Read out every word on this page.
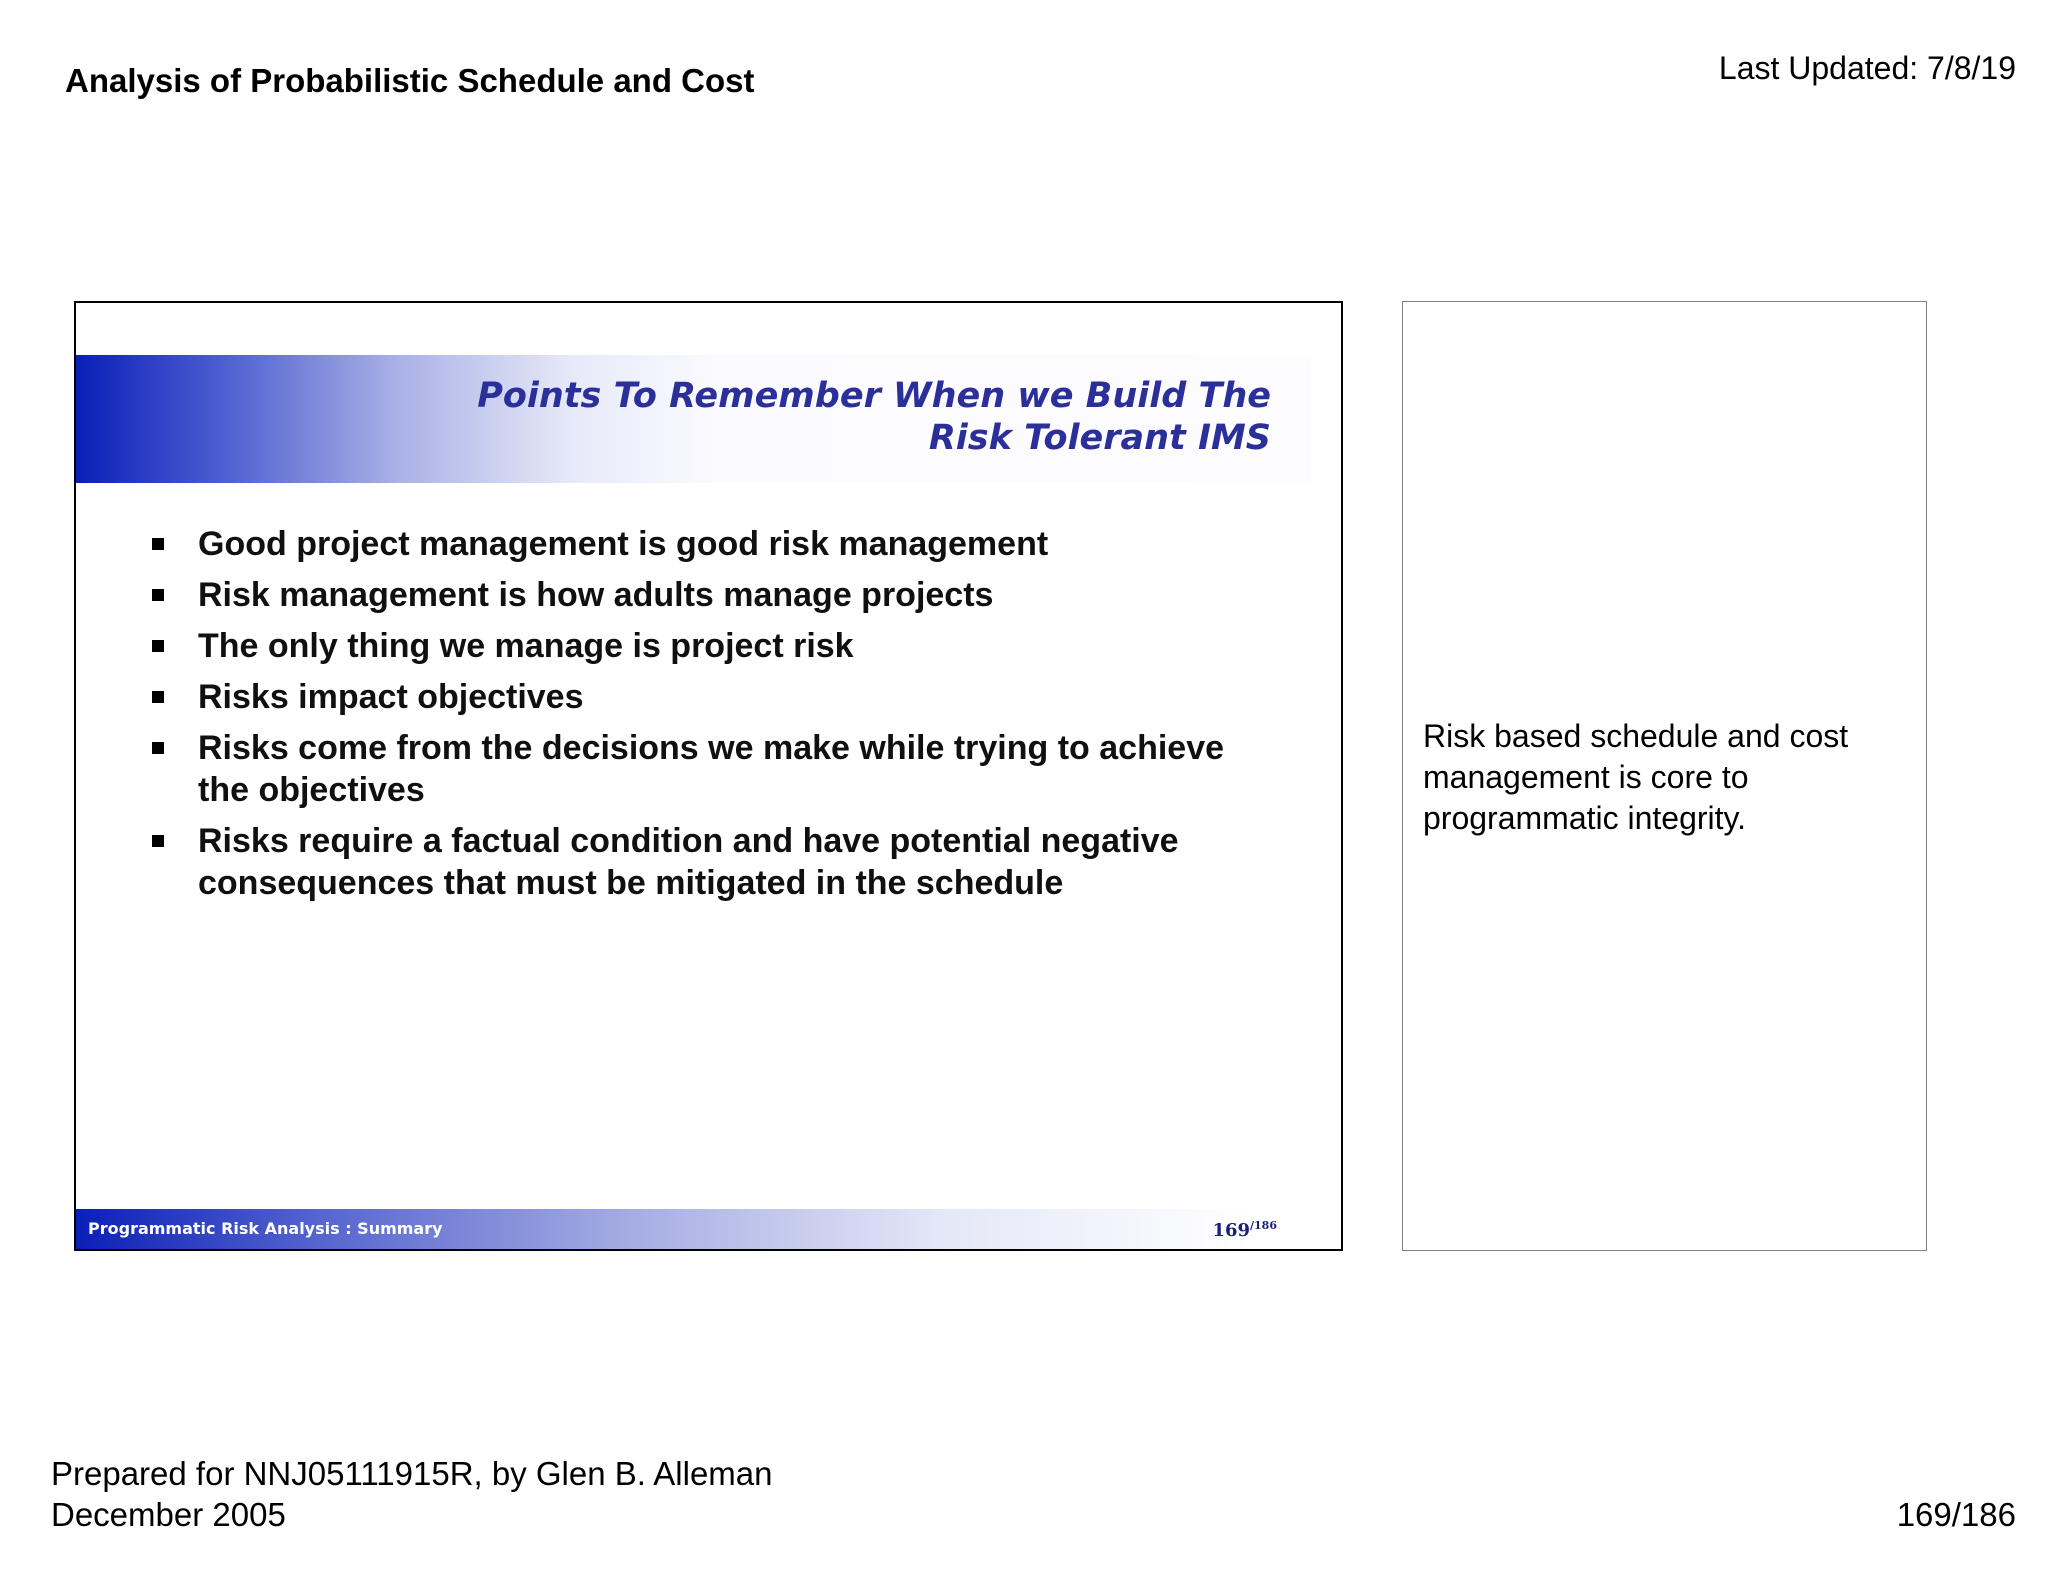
Analysis of Probabilistic Schedule and Cost	Last Updated: 7/8/19
Points To Remember When we Build The
Risk Tolerant IMS
Good project management is good risk management
Risk management is how adults manage projects
The only thing we manage is project risk
Risks impact objectives
Risks come from the decisions we make while trying to achieve the objectives
Risks require a factual condition and have potential negative consequences that must be mitigated in the schedule
Programmatic Risk Analysis : Summary	$169^{/186}$
Risk based schedule and cost management is core to programmatic integrity.
Prepared for NNJ05111915R, by Glen B. Alleman
December 2005	169/186
